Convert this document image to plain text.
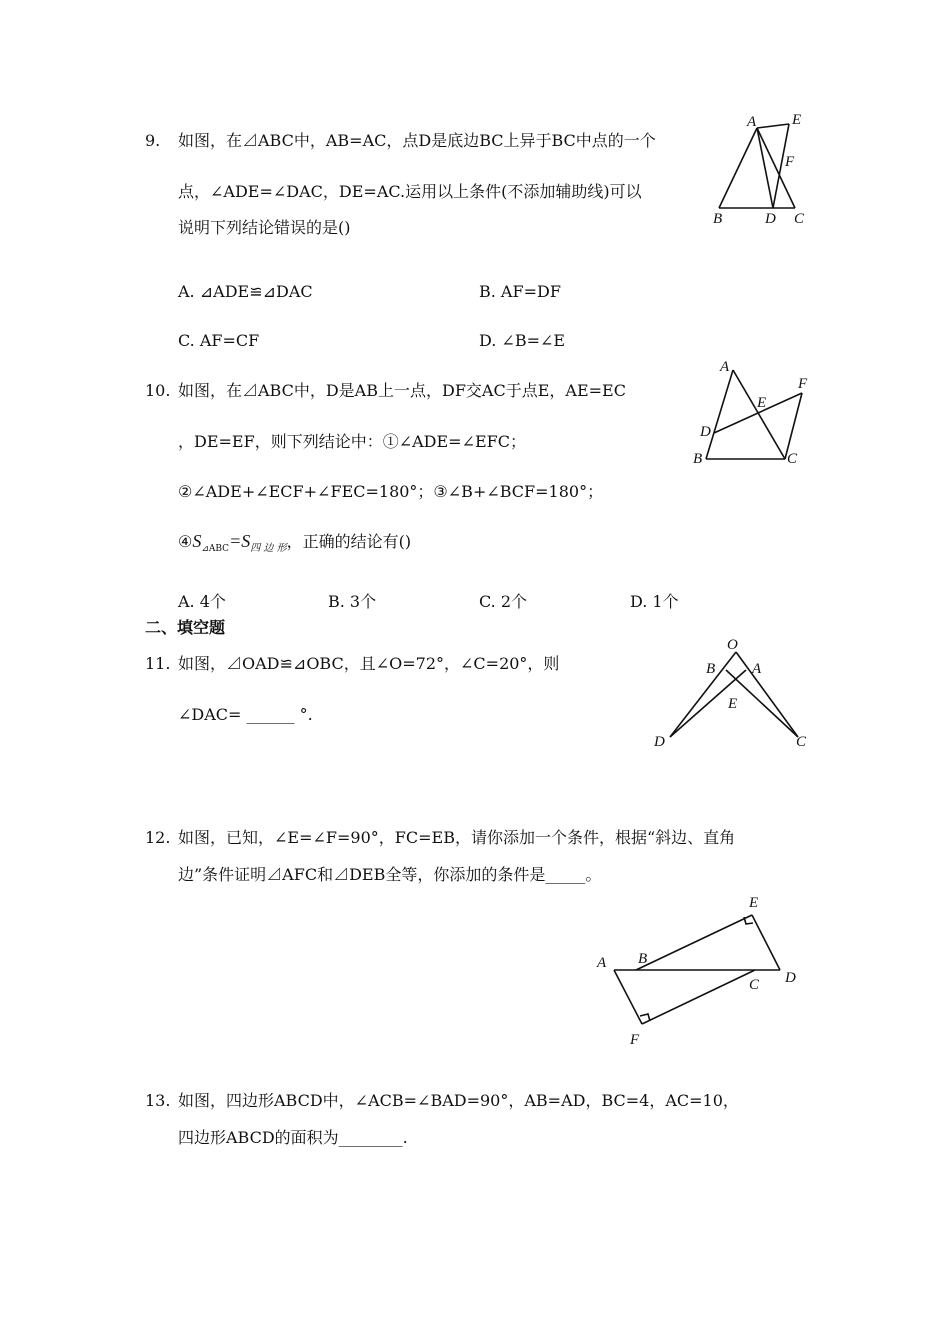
9. 如图，在⊿ABC中，AB=AC，点D是底边BC上异于BC中点的一个
点，∠ADE=∠DAC，DE=AC.运用以上条件(不添加辅助线)可以
说明下列结论错误的是()
A. ⊿ADE≌⊿DAC	B. AF=DF
C. AF=CF	D. ∠B=∠E
A E
F
B	D C
10. 如图，在⊿ABC中，D是AB上一点，DF交AC于点E，AE=EC
，DE=EF，则下列结论中：①∠ADE=∠EFC；
②∠ADE+∠ECF+∠FEC=180°；③∠B+∠BCF=180°；
$④S_{⊿ABC}=S_{四 边 形}$，正确的结论有()
A. 4个	B. 3个	C. 2个	D. 1个
A
F
E
D
B	C
二、填空题
11. 如图，⊿OAD≌⊿OBC，且∠O=72°，∠C=20°，则
∠DAC= ______ °.
O
B A
E
D	C
12. 如图，已知，∠E=∠F=90°，FC=EB，请你添加一个条件，根据“斜边、直角
边”条件证明⊿AFC和⊿DEB全等，你添加的条件是_____。
E
A B
C D
F
13. 如图，四边形ABCD中，∠ACB=∠BAD=90°，AB=AD，BC=4，AC=10，
四边形ABCD的面积为________.
